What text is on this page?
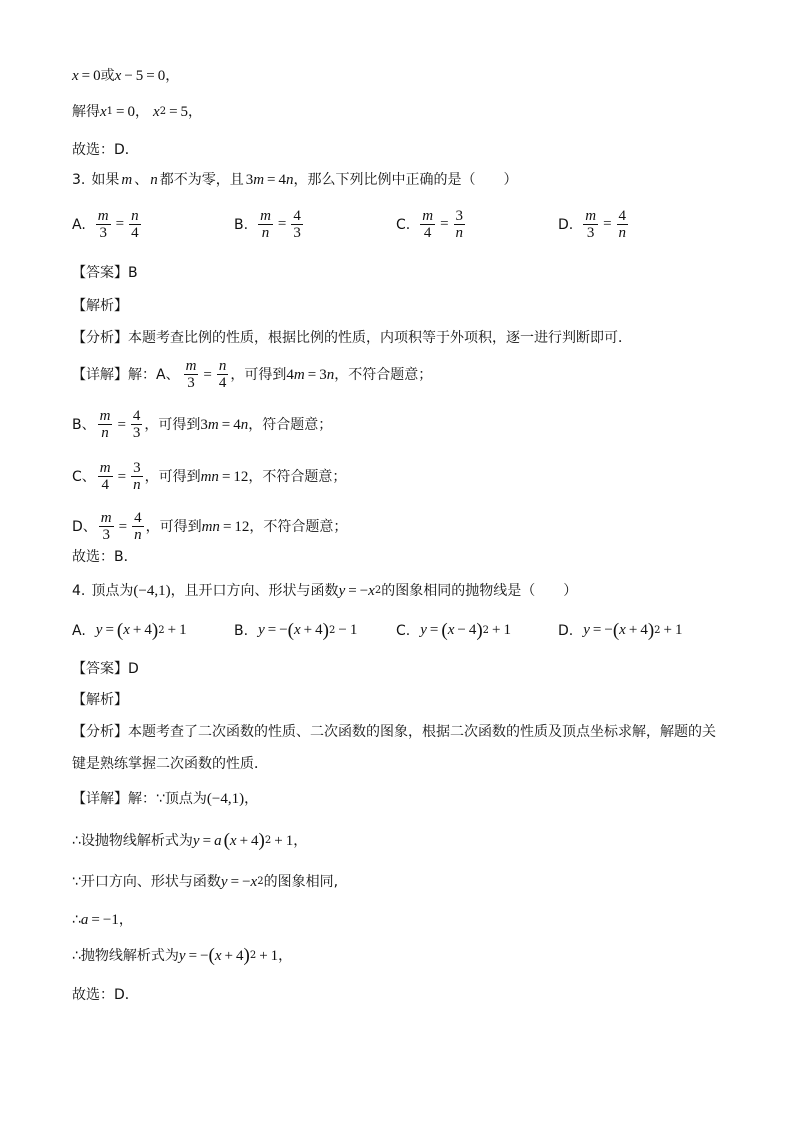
x = 0 或 x − 5 = 0 ，
解得 x 1 = 0 ， x 2 = 5 ，
故选：D．
3. 如果 m 、 n 都不为零，且 3 m = 4 n ，那么下列比例中正确的是（　　）
A. $\frac{m}{3} = \frac{n}{4}$	B. $\frac{m}{n} = \frac{4}{3}$	C. $\frac{m}{4} = \frac{3}{n}$	D. $\frac{m}{3} = \frac{4}{n}$
【答案】B
【解析】
【分析】本题考查比例的性质，根据比例的性质，内项积等于外项积，逐一进行判断即可．
【详解】解：A、 $\frac{m}{3} = \frac{n}{4}$ ，可得到 4 m = 3 n ，不符合题意；
B、 $\frac{m}{n} = \frac{4}{3}$ ，可得到 3 m = 4 n ，符合题意；
C、 $\frac{m}{4} = \frac{3}{n}$ ，可得到 mn = 12 ，不符合题意；
D、 $\frac{m}{3} = \frac{4}{n}$ ，可得到 mn = 12 ，不符合题意；
故选：B．
4. 顶点为 (−4,1) ，且开口方向、形状与函数 y = − x 2 的图象相同的抛物线是（　　）
A. y = ( x + 4 ) 2 + 1	B. y = − ( x + 4 ) 2 − 1	C. y = ( x − 4 ) 2 + 1	D. y = − ( x + 4 ) 2 + 1
【答案】D
【解析】
【分析】本题考查了二次函数的性质、二次函数的图象，根据二次函数的性质及顶点坐标求解，解题的关
键是熟练掌握二次函数的性质．
【详解】解：∵顶点为 (−4,1) ，
∴设抛物线解析式为 y = a ( x + 4 ) 2 + 1 ，
∵开口方向、形状与函数 y = − x 2 的图象相同,
∴ a = −1 ，
∴抛物线解析式为 y = − ( x + 4 ) 2 + 1 ，
故选：D．
